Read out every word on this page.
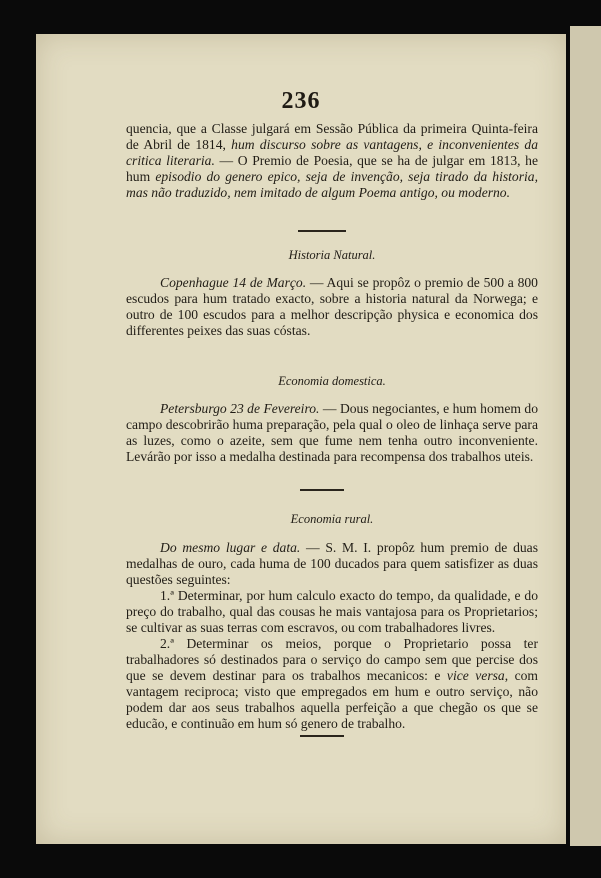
236

quencia, que a Classe julgará em Sessão Pública da primeira Quinta-feira de Abril de 1814, hum discurso sobre as vantagens, e inconvenientes da critica literaria. — O Premio de Poesia, que se ha de julgar em 1813, he hum episodio do genero epico, seja de invenção, seja tirado da historia, mas não traduzido, nem imitado de algum Poema antigo, ou moderno.

Historia Natural.

Copenhague 14 de Março. — Aqui se propôz o premio de 500 a 800 escudos para hum tratado exacto, sobre a historia natural da Norwega; e outro de 100 escudos para a melhor descripção physica e economica dos differentes peixes das suas cóstas.

Economia domestica.

Petersburgo 23 de Fevereiro. — Dous negociantes, e hum homem do campo descobrirão huma preparação, pela qual o oleo de linhaça serve para as luzes, como o azeite, sem que fume nem tenha outro inconveniente. Levárão por isso a medalha destinada para recompensa dos trabalhos uteis.

Economia rural.

Do mesmo lugar e data. — S. M. I. propôz hum premio de duas medalhas de ouro, cada huma de 100 ducados para quem satisfizer as duas questões seguintes:

1.ª Determinar, por hum calculo exacto do tempo, da qualidade, e do preço do trabalho, qual das cousas he mais vantajosa para os Proprietarios; se cultivar as suas terras com escravos, ou com trabalhadores livres.

2.ª Determinar os meios, porque o Proprietario possa ter trabalhadores só destinados para o serviço do campo sem que percise dos que se devem destinar para os trabalhos mecanicos: e vice versa, com vantagem reciproca; visto que empregados em hum e outro serviço, não podem dar aos seus trabalhos aquella perfeição a que chegão os que se educão, e continuão em hum só genero de trabalho.
